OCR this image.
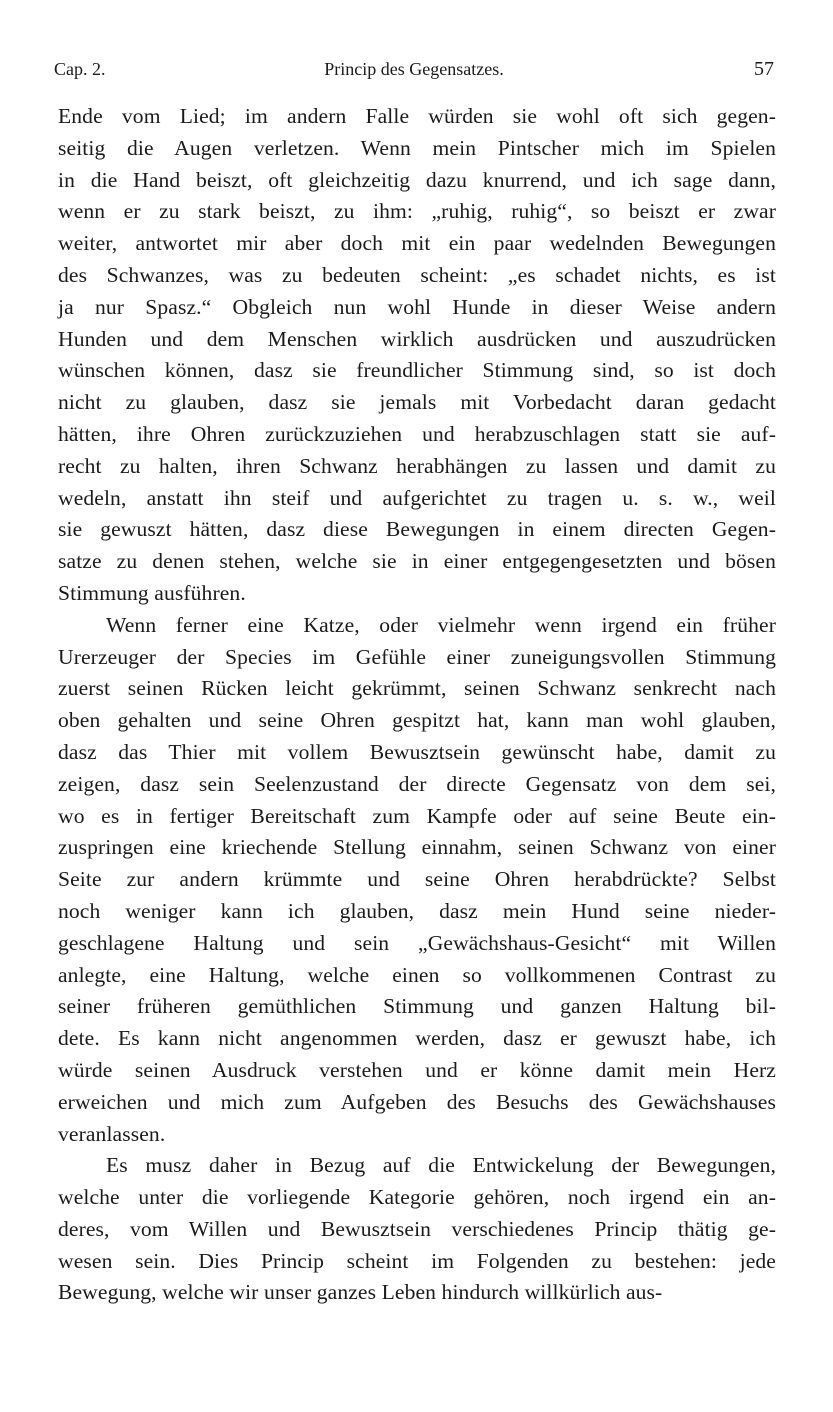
Cap. 2.	Princip des Gegensatzes.	57
Ende vom Lied; im andern Falle würden sie wohl oft sich gegen-
seitig die Augen verletzen. Wenn mein Pintscher mich im Spielen
in die Hand beiszt, oft gleichzeitig dazu knurrend, und ich sage dann,
wenn er zu stark beiszt, zu ihm: „ruhig, ruhig“, so beiszt er zwar
weiter, antwortet mir aber doch mit ein paar wedelnden Bewegungen
des Schwanzes, was zu bedeuten scheint: „es schadet nichts, es ist
ja nur Spasz.“ Obgleich nun wohl Hunde in dieser Weise andern
Hunden und dem Menschen wirklich ausdrücken und auszudrücken
wünschen können, dasz sie freundlicher Stimmung sind, so ist doch
nicht zu glauben, dasz sie jemals mit Vorbedacht daran gedacht
hätten, ihre Ohren zurückzuziehen und herabzuschlagen statt sie auf-
recht zu halten, ihren Schwanz herabhängen zu lassen und damit zu
wedeln, anstatt ihn steif und aufgerichtet zu tragen u. s. w., weil
sie gewuszt hätten, dasz diese Bewegungen in einem directen Gegen-
satze zu denen stehen, welche sie in einer entgegengesetzten und bösen
Stimmung ausführen.
Wenn ferner eine Katze, oder vielmehr wenn irgend ein früher
Urerzeuger der Species im Gefühle einer zuneigungsvollen Stimmung
zuerst seinen Rücken leicht gekrümmt, seinen Schwanz senkrecht nach
oben gehalten und seine Ohren gespitzt hat, kann man wohl glauben,
dasz das Thier mit vollem Bewusztsein gewünscht habe, damit zu
zeigen, dasz sein Seelenzustand der directe Gegensatz von dem sei,
wo es in fertiger Bereitschaft zum Kampfe oder auf seine Beute ein-
zuspringen eine kriechende Stellung einnahm, seinen Schwanz von einer
Seite zur andern krümmte und seine Ohren herabdrückte? Selbst
noch weniger kann ich glauben, dasz mein Hund seine nieder-
geschlagene Haltung und sein „Gewächshaus-Gesicht“ mit Willen
anlegte, eine Haltung, welche einen so vollkommenen Contrast zu
seiner früheren gemüthlichen Stimmung und ganzen Haltung bil-
dete. Es kann nicht angenommen werden, dasz er gewuszt habe, ich
würde seinen Ausdruck verstehen und er könne damit mein Herz
erweichen und mich zum Aufgeben des Besuchs des Gewächshauses
veranlassen.
Es musz daher in Bezug auf die Entwickelung der Bewegungen,
welche unter die vorliegende Kategorie gehören, noch irgend ein an-
deres, vom Willen und Bewusztsein verschiedenes Princip thätig ge-
wesen sein. Dies Princip scheint im Folgenden zu bestehen: jede
Bewegung, welche wir unser ganzes Leben hindurch willkürlich aus-
